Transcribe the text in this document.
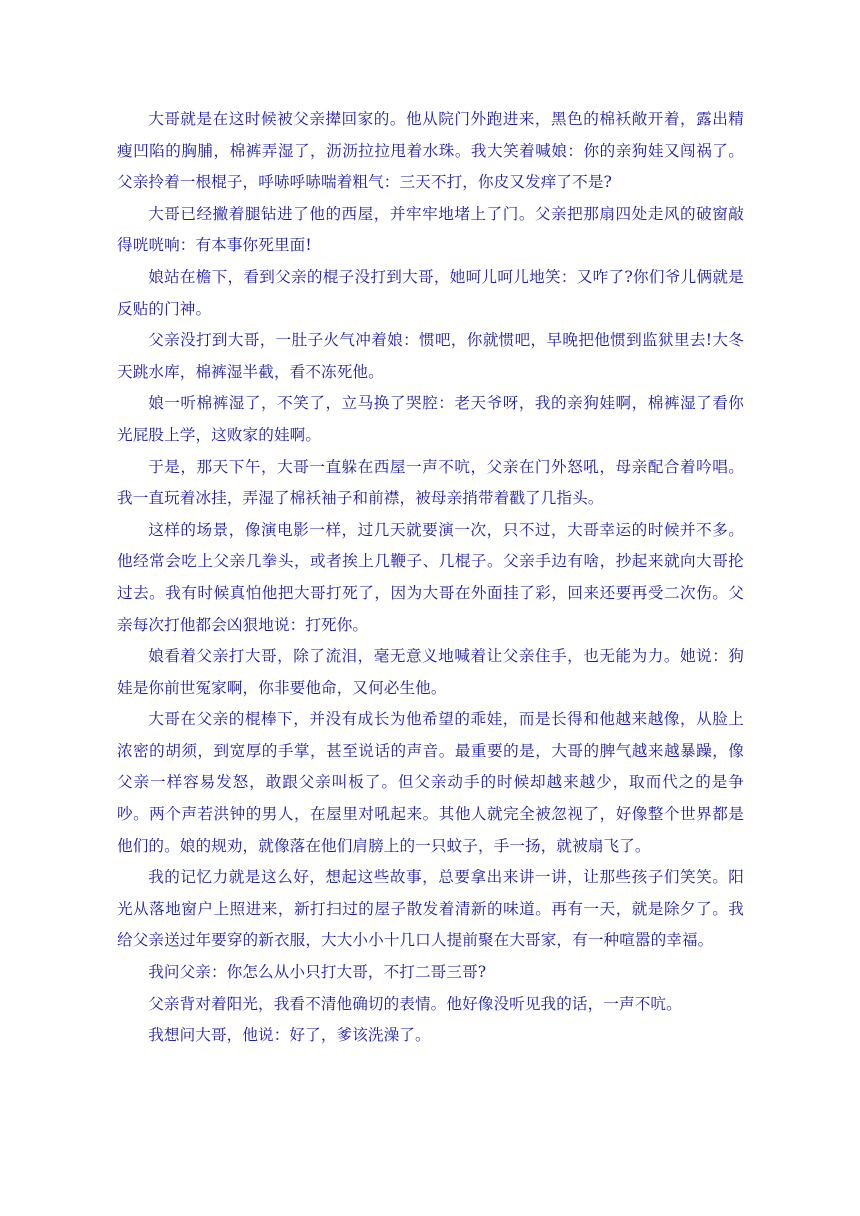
大哥就是在这时候被父亲撵回家的。他从院门外跑进来，黑色的棉袄敞开着，露出精瘦凹陷的胸脯，棉裤弄湿了，沥沥拉拉甩着水珠。我大笑着喊娘：你的亲狗娃又闯祸了。父亲拎着一根棍子，呼哧呼哧喘着粗气：三天不打，你皮又发痒了不是?

大哥已经撇着腿钻进了他的西屋，并牢牢地堵上了门。父亲把那扇四处走风的破窗敲得咣咣响：有本事你死里面!

娘站在檐下，看到父亲的棍子没打到大哥，她呵儿呵儿地笑：又咋了?你们爷儿俩就是反贴的门神。

父亲没打到大哥，一肚子火气冲着娘：惯吧，你就惯吧，早晚把他惯到监狱里去!大冬天跳水库，棉裤湿半截，看不冻死他。

娘一听棉裤湿了，不笑了，立马换了哭腔：老天爷呀，我的亲狗娃啊，棉裤湿了看你光屁股上学，这败家的娃啊。

于是，那天下午，大哥一直躲在西屋一声不吭，父亲在门外怒吼，母亲配合着吟唱。我一直玩着冰挂，弄湿了棉袄袖子和前襟，被母亲捎带着戳了几指头。

这样的场景，像演电影一样，过几天就要演一次，只不过，大哥幸运的时候并不多。他经常会吃上父亲几拳头，或者挨上几鞭子、几棍子。父亲手边有啥，抄起来就向大哥抡过去。我有时候真怕他把大哥打死了，因为大哥在外面挂了彩，回来还要再受二次伤。父亲每次打他都会凶狠地说：打死你。

娘看着父亲打大哥，除了流泪，毫无意义地喊着让父亲住手，也无能为力。她说：狗娃是你前世冤家啊，你非要他命，又何必生他。

大哥在父亲的棍棒下，并没有成长为他希望的乖娃，而是长得和他越来越像，从脸上浓密的胡须，到宽厚的手掌，甚至说话的声音。最重要的是，大哥的脾气越来越暴躁，像父亲一样容易发怒，敢跟父亲叫板了。但父亲动手的时候却越来越少，取而代之的是争吵。两个声若洪钟的男人，在屋里对吼起来。其他人就完全被忽视了，好像整个世界都是他们的。娘的规劝，就像落在他们肩膀上的一只蚊子，手一扬，就被扇飞了。

我的记忆力就是这么好，想起这些故事，总要拿出来讲一讲，让那些孩子们笑笑。阳光从落地窗户上照进来，新打扫过的屋子散发着清新的味道。再有一天，就是除夕了。我给父亲送过年要穿的新衣服，大大小小十几口人提前聚在大哥家，有一种喧嚣的幸福。

我问父亲：你怎么从小只打大哥，不打二哥三哥?

父亲背对着阳光，我看不清他确切的表情。他好像没听见我的话，一声不吭。

我想问大哥，他说：好了，爹该洗澡了。
